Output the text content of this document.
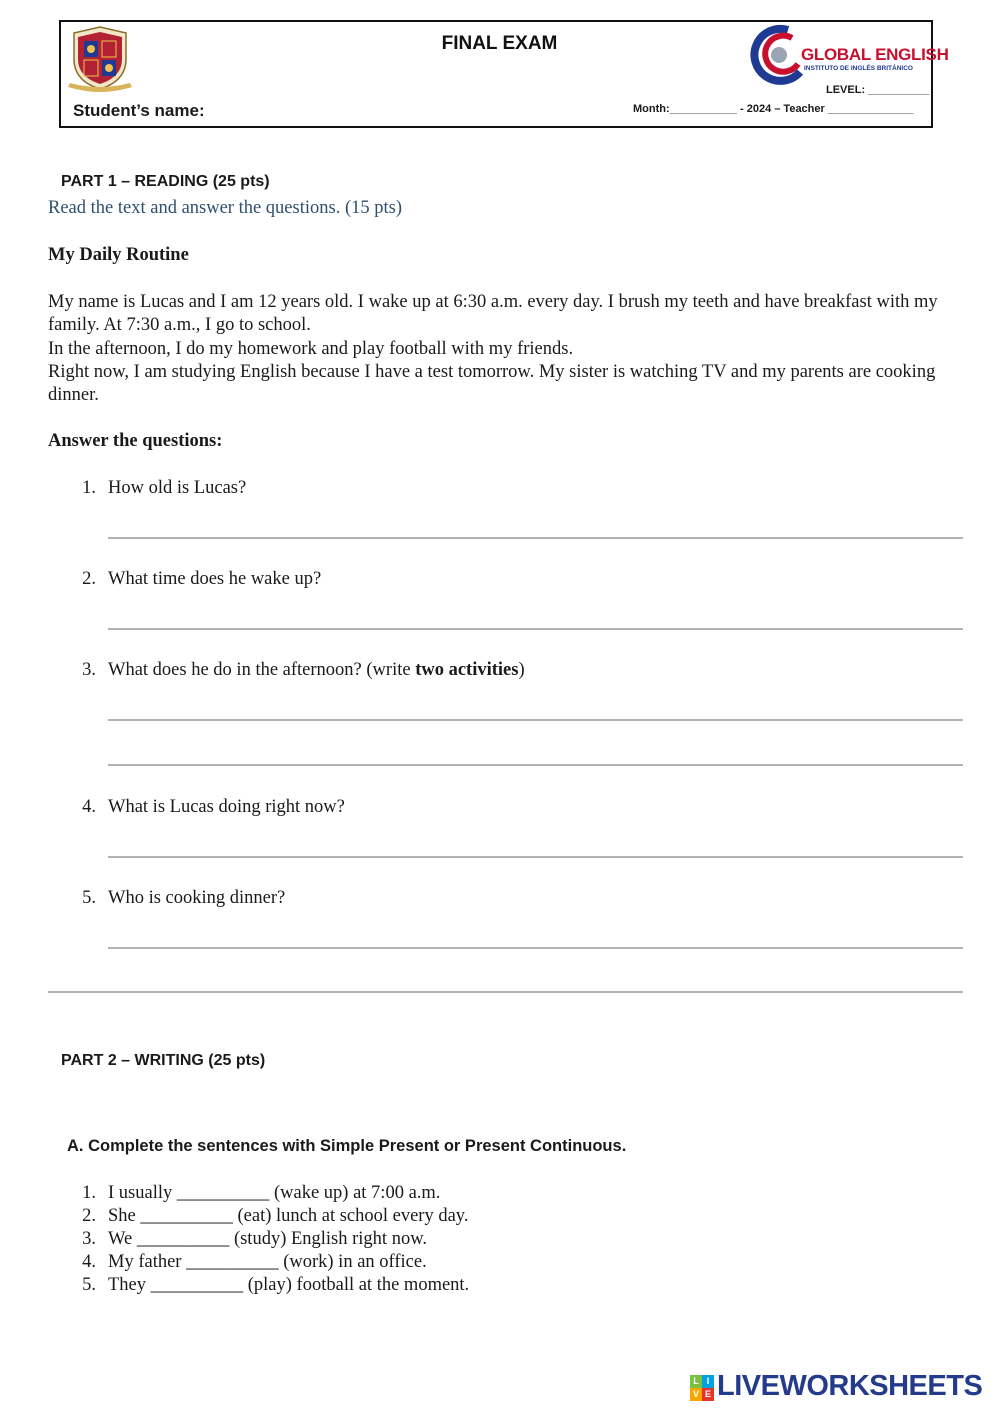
FINAL EXAM
Student’s name:
GLOBAL ENGLISH
INSTITUTO DE INGLÉS BRITÁNICO
LEVEL: __________
Month:___________ - 2024 – Teacher ______________
PART 1 – READING (25 pts)
Read the text and answer the questions. (15 pts)
My Daily Routine

My name is Lucas and I am 12 years old. I wake up at 6:30 a.m. every day. I brush my teeth and have breakfast with my family. At 7:30 a.m., I go to school.

In the afternoon, I do my homework and play football with my friends.

Right now, I am studying English because I have a test tomorrow. My sister is watching TV and my parents are cooking dinner.

Answer the questions:
1. How old is Lucas?
2. What time does he wake up?
3. What does he do in the afternoon? (write two activities)
4. What is Lucas doing right now?
5. Who is cooking dinner?
PART 2 – WRITING (25 pts)
A. Complete the sentences with Simple Present or Present Continuous.
1. I usually __________ (wake up) at 7:00 a.m.
2. She __________ (eat) lunch at school every day.
3. We __________ (study) English right now.
4. My father __________ (work) in an office.
5. They __________ (play) football at the moment.
L I
V E LIVEWORKSHEETS
